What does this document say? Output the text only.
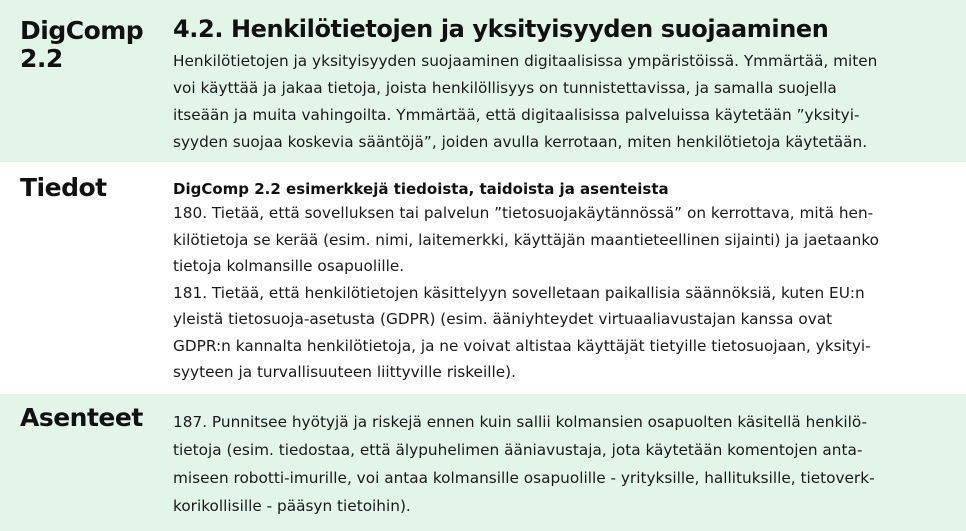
DigComp
2.2
4.2. Henkilötietojen ja yksityisyyden suojaaminen

Henkilötietojen ja yksityisyyden suojaaminen digitaalisissa ympäristöissä. Ymmärtää, miten
voi käyttää ja jakaa tietoja, joista henkilöllisyys on tunnistettavissa, ja samalla suojella
itseään ja muita vahingoilta. Ymmärtää, että digitaalisissa palveluissa käytetään ”yksityi-
syyden suojaa koskevia sääntöjä”, joiden avulla kerrotaan, miten henkilötietoja käytetään.

Tiedot	DigComp 2.2 esimerkkejä tiedoista, taidoista ja asenteista

180. Tietää, että sovelluksen tai palvelun ”tietosuojakäytännössä” on kerrottava, mitä hen-
kilötietoja se kerää (esim. nimi, laitemerkki, käyttäjän maantieteellinen sijainti) ja jaetaanko
tietoja kolmansille osapuolille.
181. Tietää, että henkilötietojen käsittelyyn sovelletaan paikallisia säännöksiä, kuten EU:n
yleistä tietosuoja-asetusta (GDPR) (esim. ääniyhteydet virtuaaliavustajan kanssa ovat
GDPR:n kannalta henkilötietoja, ja ne voivat altistaa käyttäjät tietyille tietosuojaan, yksityi-
syyteen ja turvallisuuteen liittyville riskeille).

Asenteet 187. Punnitsee hyötyjä ja riskejä ennen kuin sallii kolmansien osapuolten käsitellä henkilö-
tietoja (esim. tiedostaa, että älypuhelimen ääniavustaja, jota käytetään komentojen anta-
miseen robotti-imurille, voi antaa kolmansille osapuolille - yrityksille, hallituksille, tietoverk-
korikollisille - pääsyn tietoihin).
